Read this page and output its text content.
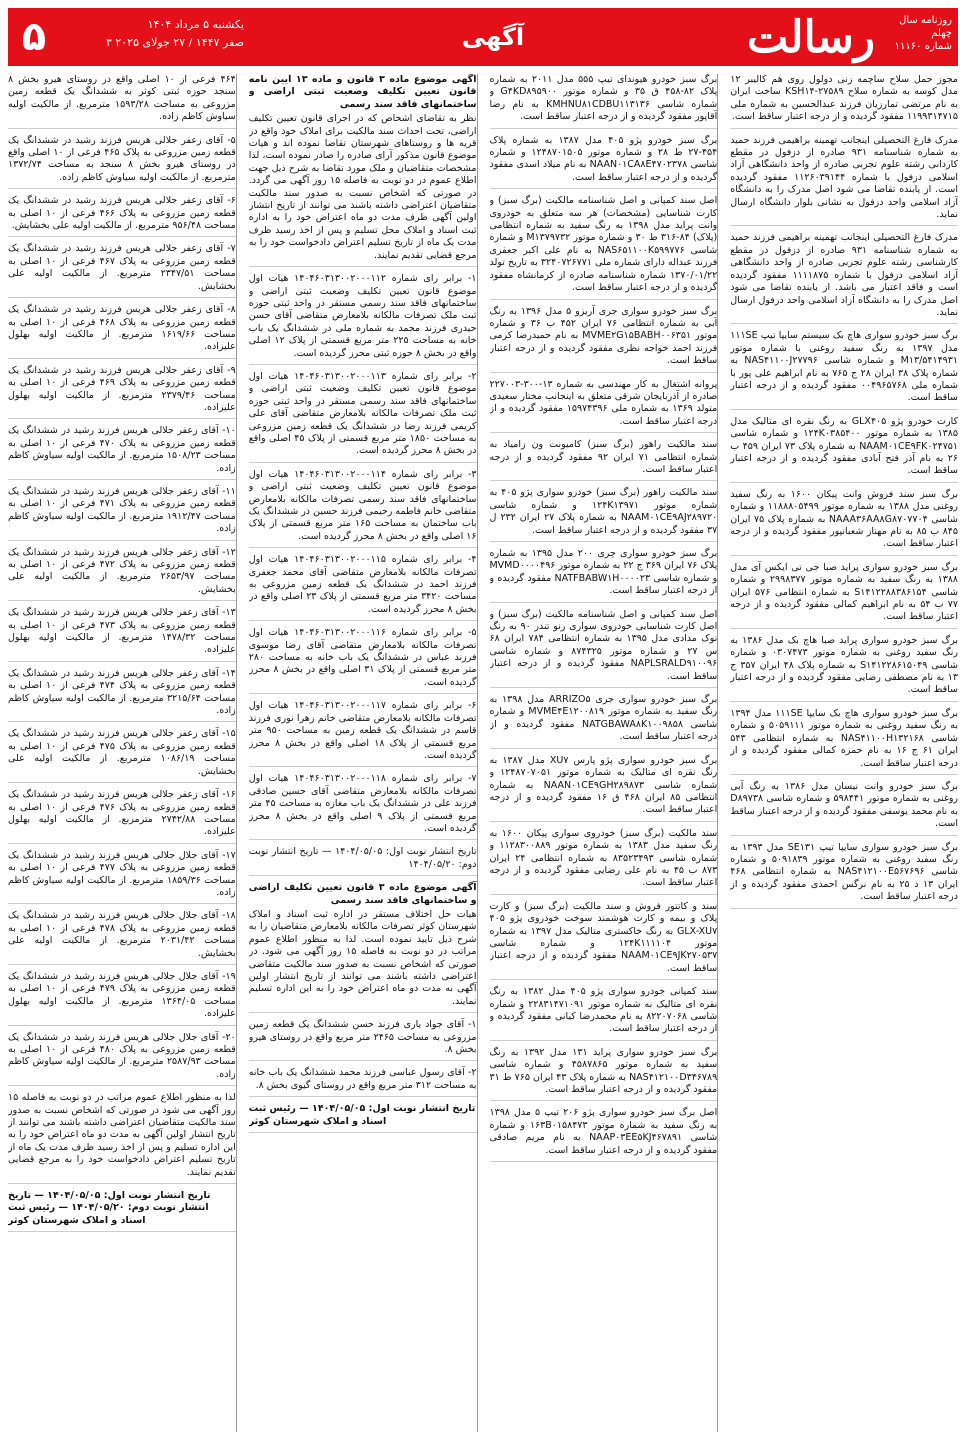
روزنامه سال چهلم
شماره ۱۱۱۶۰
رسالت
آگهی
یکشنبه ۵ مرداد ۱۴۰۴
۳ صفر ۱۴۴۷ / ۲۷ جولای ۲۰۲۵
۵
مجوز حمل سلاح ساچمه زنی دولول روی هم کالیبر ۱۲ مدل کوسه به شماره سلاح ۲۷۵۸۹-KSH۱۴ ساخت ایران به نام مرتضی تمارزیان فرزند عبدالحسین به شماره ملی ۱۱۹۹۳۱۴۷۱۵ مفقود گردیده و از درجه اعتبار ساقط است.
مدرک فارغ التحصیلی اینجانب تهمینه براهیمی فرزند حمید به شماره شناسنامه ۹۳۱ صادره از دزفول در مقطع کاردانی رشته علوم تجربی صادره از واحد دانشگاهی آزاد اسلامی دزفول با شماره ۱۱۲۶۰۳۹۱۴۴ مفقود گردیده است. از یابنده تقاضا می شود اصل مدرک را به دانشگاه آزاد اسلامی واحد دزفول به نشانی بلوار دانشگاه ارسال نماید.
مدرک فارغ التحصیلی اینجانب تهمینه براهیمی فرزند حمید به شماره شناسنامه ۹۳۱ صادره از دزفول در مقطع کارشناسی رشته علوم تجربی صادره از واحد دانشگاهی آزاد اسلامی دزفول با شماره ۱۱۱۱۸۷۵ مفقود گردیده است و فاقد اعتبار می باشد. از یابنده تقاضا می شود اصل مدرک را به دانشگاه آزاد اسلامی واحد دزفول ارسال نماید.
برگ سبز خودرو سواری هاچ بک سیستم سایپا تیپ ۱۱۱SE مدل ۱۳۹۷ به رنگ سفید روغنی با شماره موتور M۱۳/۵۴۱۴۹۳۱ و شماره شاسی NAS۴۱۱۰۰J۲۷۷۹۶ به شماره پلاک ۳۸ ایران ۲۸ ج ۷۶۵ به نام ابراهیم علی پور با شماره ملی ۰۰۴۹۶۵۷۶۸ مفقود گردیده و از درجه اعتبار ساقط است.
کارت خودرو پژو GLX۴۰۵ به رنگ نقره ای متالیک مدل ۱۳۸۵ به شماره موتور ۱۲۴K۰۳۸۵۴۰۰ و شماره شاسی NAAM۰۱CE۹FK۰۲۴۷۵۱ به شماره پلاک ۷۳ ایران ۴۵۹ ب ۲۶ به نام آذر فتح آبادی مفقود گردیده و از درجه اعتبار ساقط است.
برگ سبز سند فروش وانت پیکان ۱۶۰۰ به رنگ سفید روغنی مدل ۱۳۸۸ به شماره موتور ۱۱۸۸۸۰۵۴۹۹ و شماره شاسی NAAA۳۶AA۸G۸۷۰۷۷۰۴ به شماره پلاک ۷۵ ایران ۸۴۵ ب ۸۵ به نام مهناز شعبانپور مفقود گردیده و از درجه اعتبار ساقط است.
برگ سبز خودرو سواری پراید صبا جی تی ایکس آی مدل ۱۳۸۸ به رنگ سفید به شماره موتور ۲۹۹۸۳۷۷ و شماره شاسی S۱۴۱۲۲۸۸۳۸۶۱۵۴ به شماره انتظامی ۵۷۶ ایران ۷۷ ب ۵۴ به نام ابراهیم کمالی مفقود گردیده و از درجه اعتبار ساقط است.
برگ سبز خودرو سواری پراید صبا هاچ بک مدل ۱۳۸۶ به رنگ سفید روغنی به شماره موتور ۰۳۰۷۴۷۳ و شماره شاسی S۱۴۱۲۲۸۶۱۵۰۴۹ به شماره پلاک ۴۸ ایران ۳۵۷ ج ۱۳ به نام مصطفی رضایی مفقود گردیده و از درجه اعتبار ساقط است.
برگ سبز خودرو سواری هاچ بک سایپا ۱۱۱SE مدل ۱۳۹۴ به رنگ سفید روغنی به شماره موتور ۵۰۵۹۱۱۱ و شماره شاسی NAS۴۱۱۰۰H۱۳۲۱۶۸ به شماره انتظامی ۵۴۳ ایران ۶۱ ج ۱۶ به نام حمزه کمالی مفقود گردیده و از درجه اعتبار ساقط است.
برگ سبز خودرو وانت نیسان مدل ۱۳۸۶ به رنگ آبی روغنی به شماره موتور ۵۹۸۴۴۱ و شماره شاسی D۸۹۷۳۸ به نام محمد یوسفی مفقود گردیده و از درجه اعتبار ساقط است.
برگ سبز خودرو سواری سایپا تیپ SE۱۳۱ مدل ۱۳۹۳ به رنگ سفید روغنی به شماره موتور ۵۰۹۱۸۳۹ و شماره شاسی NAS۴۱۲۱۰۰E۵۶۷۶۹۶ به شماره انتظامی ۴۶۸ ایران ۱۳ د ۲۵ به نام نرگس احمدی مفقود گردیده و از درجه اعتبار ساقط است.
برگ سبز خودرو هیوندای تیپ ۵۵۵ مدل ۲۰۱۱ به شماره پلاک ۸۲-۴۵۸ ق ۳۵ و شماره موتور G۴KD۸۹۵۹۰۰ و شماره شاسی KMHNU۸۱CDBU۱۱۳۱۳۶ به نام رضا آقاپور مفقود گردیده و از درجه اعتبار ساقط است.
برگ سبز خودرو پژو ۴۰۵ مدل ۱۳۸۷ به شماره پلاک ۴۵۴-۲۷ ط ۲۸ و شماره موتور ۱۲۴۸۷۰۱۵۰۵ و شماره شاسی NAAN۰۱CA۸E۴۷۰۲۳۷۸ به نام میلاد اسدی مفقود گردیده و از درجه اعتبار ساقط است.
اصل سند کمپانی و اصل شناسنامه مالکیت (برگ سبز) و کارت شناسایی (مشخصات) هر سه متعلق به خودروی وانت پراید مدل ۱۳۹۸ به رنگ سفید به شماره انتظامی (پلاک) ۸۴-۳۱۶ ط ۳۰ و شماره موتور M۱۳۷۹۷۳۲ و شماره شاسی NAS۶۵۱۱۰۰K۵۹۹۷۷۶ به نام علی اکبر جعفری فرزند عبداله دارای شماره ملی ۳۲۴۰۷۲۶۷۷۱ به تاریخ تولد ۱۳۷۰/۰۱/۲۲ شماره شناسنامه صادره از کرمانشاه مفقود گردیده و از درجه اعتبار ساقط است.
برگ سبز خودرو سواری جری آریزو ۵ مدل ۱۳۹۶ به رنگ آبی به شماره انتظامی ۷۶ ایران ۴۵۲ ب ۳۶ و شماره موتور MVME۲G۱۵BABH۰۰۶۳۵۱ به نام حمیدرضا کرمی فرزند احمد خواجه نظری مفقود گردیده و از درجه اعتبار ساقط است.
پروانه اشتغال به کار مهندسی به شماره ۱۳-۳۰۰-۲۲۷۰۰۳ صادره از آذربایجان شرقی متعلق به اینجانب مختار سعیدی متولد ۱۳۶۹ به شماره ملی ۱۵۹۷۴۳۹۶ مفقود گردیده و از درجه اعتبار ساقط است.
سند مالکیت راهور (برگ سبز) کامیونت ون زامیاد به شماره انتظامی ۷۱ ایران ۹۲ مفقود گردیده و از درجه اعتبار ساقط است.
سند مالکیت راهور (برگ سبز) خودرو سواری پژو ۴۰۵ به شماره موتور ۱۲۴K۱۳۹۷۱ و شماره شاسی NAAM۰۱CE۹AJ۲۸۹۷۲۰ به شماره پلاک ۲۷ ایران ۲۳۲ ل ۳۷ مفقود گردیده و از درجه اعتبار ساقط است.
برگ سبز خودرو سواری چری ۲۰۰ مدل ۱۳۹۵ به شماره پلاک ۷۶ ایران ۳۶۹ ج ۲۲ به شماره موتور MVMD۰۰۰۰۴۹۶ و شماره شاسی NATFBABW۱H۰۰۰۰۲۳ مفقود گردیده و از درجه اعتبار ساقط است.
اصل سند کمپانی و اصل شناسنامه مالکیت (برگ سبز) و اصل کارت شناسایی خودروی سواری رنو تندر ۹۰ به رنگ نوک مدادی مدل ۱۳۹۵ به شماره انتظامی ۷۸۴ ایران ۶۸ س ۲۷ و شماره موتور ۸۷۴۳۲۵ و شماره شاسی NAPLSRALD۹۱۰۰۹۶ مفقود گردیده و از درجه اعتبار ساقط است.
برگ سبز خودرو سواری جری ARRIZO۵ مدل ۱۳۹۸ به رنگ سفید به شماره موتور MVME۴E۱۲۰۰۸۱۹ و شماره شاسی NATGBAWA۸K۱۰۰۹۸۵۸ مفقود گردیده و از درجه اعتبار ساقط است.
برگ سبز خودرو سواری پژو پارس XU۷ مدل ۱۳۸۷ به رنگ نقره ای متالیک به شماره موتور ۱۲۴۸۷۰۷۰۵۱ و شماره شاسی NAAN۰۱CE۹GH۲۸۹۸۷۳ به شماره انتظامی ۸۵ ایران ۴۶۸ ق ۱۶ مفقود گردیده و از درجه اعتبار ساقط است.
سند مالکیت (برگ سبز) خودروی سواری پیکان ۱۶۰۰ به رنگ سفید مدل ۱۳۸۳ به شماره موتور ۱۱۲۸۳۰۰۸۸۹ و شماره شاسی ۸۳۵۲۳۴۹۳ به شماره انتظامی ۲۴ ایران ۸۷۳ ب ۴۵ به نام علی رضایی مفقود گردیده و از درجه اعتبار ساقط است.
سند و کاتتور فروش و سند مالکیت (برگ سبز) و کارت پلاک و بیمه و کارت هوشمند سوخت خودروی پژو ۴۰۵ GLX-XU۷ به رنگ خاکستری متالیک مدل ۱۳۹۷ به شماره موتور ۱۲۴K۱۱۱۱۰۴ و شماره شاسی NAAM۰۱CE۹JK۲۷۰۵۳۷ مفقود گردیده و از درجه اعتبار ساقط است.
سند کمپانی خودرو سواری پژو ۴۰۵ مدل ۱۳۸۲ به رنگ نقره ای متالیک به شماره موتور ۲۲۸۳۱۴۷۱۰۹۱ و شماره شاسی ۸۲۲۰۷۰۶۸ به نام محمدرضا کیانی مفقود گردیده و از درجه اعتبار ساقط است.
برگ سبز خودرو سواری پراید ۱۳۱ مدل ۱۳۹۲ به رنگ سفید به شماره موتور ۴۵۸۷۸۶۵ و شماره شاسی NAS۴۱۲۱۰۰D۳۴۶۷۸۹ به شماره پلاک ۴۳ ایران ۷۶۵ ط ۳۱ مفقود گردیده و از درجه اعتبار ساقط است.
اصل برگ سبز خودرو سواری پژو ۲۰۶ تیپ ۵ مدل ۱۳۹۸ به رنگ سفید به شماره موتور ۱۶۳B۰۱۵۸۴۷۳ و شماره شاسی NAAP۰۳EE۵KJ۴۶۷۸۹۱ به نام مریم صادقی مفقود گردیده و از درجه اعتبار ساقط است.
آگهی موضوع ماده ۳ قانون و ماده ۱۳ آیین نامه قانون تعیین تکلیف وضعیت ثبتی اراضی و ساختمانهای فاقد سند رسمی
نظر به تقاضای اشخاص که در اجرای قانون تعیین تکلیف اراضی، تحت احداث سند مالکیت برای املاک خود واقع در قریه ها و روستاهای شهرستان تقاضا نموده اند و هیات موضوع قانون مذکور آرای صادره را صادر نموده است، لذا مشخصات متقاضیان و ملک مورد تقاضا به شرح ذیل جهت اطلاع عموم در دو نوبت به فاصله ۱۵ روز آگهی می گردد. در صورتی که اشخاص نسبت به صدور سند مالکیت متقاضیان اعتراضی داشته باشند می توانند از تاریخ انتشار اولین آگهی ظرف مدت دو ماه اعتراض خود را به اداره ثبت اسناد و املاک محل تسلیم و پس از اخذ رسید ظرف مدت یک ماه از تاریخ تسلیم اعتراض دادخواست خود را به مرجع قضایی تقدیم نمایند.
۱- برابر رای شماره ۱۴۰۴۶۰۳۱۳۰۰۲۰۰۰۱۱۲ هیات اول موضوع قانون تعیین تکلیف وضعیت ثبتی اراضی و ساختمانهای فاقد سند رسمی مستقر در واحد ثبتی حوزه ثبت ملک تصرفات مالکانه بلامعارض متقاضی آقای حسن حیدری فرزند محمد به شماره ملی در ششدانگ یک باب خانه به مساحت ۲۲۵ متر مربع قسمتی از پلاک ۱۲ اصلی واقع در بخش ۸ حوزه ثبتی محرز گردیده است.
۲- برابر رای شماره ۱۴۰۴۶۰۳۱۳۰۰۲۰۰۰۱۱۳ هیات اول موضوع قانون تعیین تکلیف وضعیت ثبتی اراضی و ساختمانهای فاقد سند رسمی مستقر در واحد ثبتی حوزه ثبت ملک تصرفات مالکانه بلامعارض متقاضی آقای علی کریمی فرزند رضا در ششدانگ یک قطعه زمین مزروعی به مساحت ۱۸۵۰ متر مربع قسمتی از پلاک ۴۵ اصلی واقع در بخش ۸ محرز گردیده است.
۳- برابر رای شماره ۱۴۰۴۶۰۳۱۳۰۰۲۰۰۰۱۱۴ هیات اول موضوع قانون تعیین تکلیف وضعیت ثبتی اراضی و ساختمانهای فاقد سند رسمی تصرفات مالکانه بلامعارض متقاضی خانم فاطمه رحیمی فرزند حسین در ششدانگ یک باب ساختمان به مساحت ۱۶۵ متر مربع قسمتی از پلاک ۱۶ اصلی واقع در بخش ۸ محرز گردیده است.
۴- برابر رای شماره ۱۴۰۴۶۰۳۱۳۰۰۲۰۰۰۱۱۵ هیات اول تصرفات مالکانه بلامعارض متقاضی آقای محمد جعفری فرزند احمد در ششدانگ یک قطعه زمین مزروعی به مساحت ۳۴۲۰ متر مربع قسمتی از پلاک ۲۳ اصلی واقع در بخش ۸ محرز گردیده است.
۵- برابر رای شماره ۱۴۰۴۶۰۳۱۳۰۰۲۰۰۰۱۱۶ هیات اول تصرفات مالکانه بلامعارض متقاضی آقای رضا موسوی فرزند عباس در ششدانگ یک باب خانه به مساحت ۲۸۰ متر مربع قسمتی از پلاک ۳۱ اصلی واقع در بخش ۸ محرز گردیده است.
۶- برابر رای شماره ۱۴۰۴۶۰۳۱۳۰۰۲۰۰۰۱۱۷ هیات اول تصرفات مالکانه بلامعارض متقاضی خانم زهرا نوری فرزند قاسم در ششدانگ یک قطعه زمین به مساحت ۹۵۰ متر مربع قسمتی از پلاک ۱۸ اصلی واقع در بخش ۸ محرز گردیده است.
۷- برابر رای شماره ۱۴۰۴۶۰۳۱۳۰۰۲۰۰۰۱۱۸ هیات اول تصرفات مالکانه بلامعارض متقاضی آقای حسین صادقی فرزند علی در ششدانگ یک باب مغازه به مساحت ۴۵ متر مربع قسمتی از پلاک ۹ اصلی واقع در بخش ۸ محرز گردیده است.
تاریخ انتشار نوبت اول: ۱۴۰۴/۰۵/۰۵ — تاریخ انتشار نوبت دوم: ۱۴۰۴/۰۵/۲۰
آگهی موضوع ماده ۳ قانون تعیین تکلیف اراضی و ساختمانهای فاقد سند رسمی
هیات حل اختلاف مستقر در اداره ثبت اسناد و املاک شهرستان کوثر تصرفات مالکانه بلامعارض متقاضیان را به شرح ذیل تایید نموده است. لذا به منظور اطلاع عموم مراتب در دو نوبت به فاصله ۱۵ روز آگهی می شود. در صورتی که اشخاص نسبت به صدور سند مالکیت متقاضی اعتراضی داشته باشند می توانند از تاریخ انتشار اولین آگهی به مدت دو ماه اعتراض خود را به این اداره تسلیم نمایند.
۱- آقای جواد یاری فرزند حسن ششدانگ یک قطعه زمین مزروعی به مساحت ۲۴۶۵ متر مربع واقع در روستای هیرو بخش ۸.
۲- آقای رسول عباسی فرزند محمد ششدانگ یک باب خانه به مساحت ۳۱۲ متر مربع واقع در روستای گیوی بخش ۸.
تاریخ انتشار نوبت اول: ۱۴۰۴/۰۵/۰۵ — رئیس ثبت اسناد و املاک شهرستان کوثر
۴۶۴ فرعی از ۱۰ اصلی واقع در روستای هیرو بخش ۸ سنجد حوزه ثبتی کوثر به ششدانگ یک قطعه زمین مزروعی به مساحت ۱۵۹۳/۲۸ مترمربع. از مالکیت اولیه سیاوش کاظم زاده.
۵- آقای زعفر جلالی هریس فرزند رشید در ششدانگ یک قطعه زمین مزروعی به پلاک ۴۶۵ فرعی از ۱۰ اصلی واقع در روستای هیرو بخش ۸ سنجد به مساحت ۱۳۷۲/۷۴ مترمربع. از مالکیت اولیه سیاوش کاظم زاده.
۶- آقای زعفر جلالی هریس فرزند رشید در ششدانگ یک قطعه زمین مزروعی به پلاک ۴۶۶ فرعی از ۱۰ اصلی به مساحت ۹۵۶/۴۸ مترمربع. از مالکیت اولیه علی بخشایش.
۷- آقای زعفر جلالی هریس فرزند رشید در ششدانگ یک قطعه زمین مزروعی به پلاک ۴۶۷ فرعی از ۱۰ اصلی به مساحت ۲۳۴۷/۵۱ مترمربع. از مالکیت اولیه علی بخشایش.
۸- آقای زعفر جلالی هریس فرزند رشید در ششدانگ یک قطعه زمین مزروعی به پلاک ۴۶۸ فرعی از ۱۰ اصلی به مساحت ۱۶۱۹/۶۶ مترمربع. از مالکیت اولیه بهلول علیزاده.
۹- آقای زعفر جلالی هریس فرزند رشید در ششدانگ یک قطعه زمین مزروعی به پلاک ۴۶۹ فرعی از ۱۰ اصلی به مساحت ۲۳۷۹/۴۶ مترمربع. از مالکیت اولیه بهلول علیزاده.
۱۰- آقای زعفر جلالی هریس فرزند رشید در ششدانگ یک قطعه زمین مزروعی به پلاک ۴۷۰ فرعی از ۱۰ اصلی به مساحت ۱۵۰۸/۲۳ مترمربع. از مالکیت اولیه سیاوش کاظم زاده.
۱۱- آقای زعفر جلالی هریس فرزند رشید در ششدانگ یک قطعه زمین مزروعی به پلاک ۴۷۱ فرعی از ۱۰ اصلی به مساحت ۱۹۱۲/۴۷ مترمربع. از مالکیت اولیه سیاوش کاظم زاده.
۱۲- آقای زعفر جلالی هریس فرزند رشید در ششدانگ یک قطعه زمین مزروعی به پلاک ۴۷۲ فرعی از ۱۰ اصلی به مساحت ۲۶۵۳/۹۷ مترمربع. از مالکیت اولیه علی بخشایش.
۱۳- آقای زعفر جلالی هریس فرزند رشید در ششدانگ یک قطعه زمین مزروعی به پلاک ۴۷۳ فرعی از ۱۰ اصلی به مساحت ۱۴۷۸/۳۲ مترمربع. از مالکیت اولیه بهلول علیزاده.
۱۴- آقای زعفر جلالی هریس فرزند رشید در ششدانگ یک قطعه زمین مزروعی به پلاک ۴۷۴ فرعی از ۱۰ اصلی به مساحت ۳۲۱۵/۶۴ مترمربع. از مالکیت اولیه سیاوش کاظم زاده.
۱۵- آقای زعفر جلالی هریس فرزند رشید در ششدانگ یک قطعه زمین مزروعی به پلاک ۴۷۵ فرعی از ۱۰ اصلی به مساحت ۱۰۸۶/۱۹ مترمربع. از مالکیت اولیه علی بخشایش.
۱۶- آقای زعفر جلالی هریس فرزند رشید در ششدانگ یک قطعه زمین مزروعی به پلاک ۴۷۶ فرعی از ۱۰ اصلی به مساحت ۲۷۴۲/۸۸ مترمربع. از مالکیت اولیه بهلول علیزاده.
۱۷- آقای جلال جلالی هریس فرزند رشید در ششدانگ یک قطعه زمین مزروعی به پلاک ۴۷۷ فرعی از ۱۰ اصلی به مساحت ۱۸۵۹/۳۶ مترمربع. از مالکیت اولیه سیاوش کاظم زاده.
۱۸- آقای جلال جلالی هریس فرزند رشید در ششدانگ یک قطعه زمین مزروعی به پلاک ۴۷۸ فرعی از ۱۰ اصلی به مساحت ۲۰۳۱/۴۲ مترمربع. از مالکیت اولیه علی بخشایش.
۱۹- آقای جلال جلالی هریس فرزند رشید در ششدانگ یک قطعه زمین مزروعی به پلاک ۴۷۹ فرعی از ۱۰ اصلی به مساحت ۱۳۶۴/۰۵ مترمربع. از مالکیت اولیه بهلول علیزاده.
۲۰- آقای جلال جلالی هریس فرزند رشید در ششدانگ یک قطعه زمین مزروعی به پلاک ۴۸۰ فرعی از ۱۰ اصلی به مساحت ۲۵۸۷/۹۳ مترمربع. از مالکیت اولیه سیاوش کاظم زاده.
لذا به منظور اطلاع عموم مراتب در دو نوبت به فاصله ۱۵ روز آگهی می شود در صورتی که اشخاص نسبت به صدور سند مالکیت متقاضیان اعتراضی داشته باشند می توانند از تاریخ انتشار اولین آگهی به مدت دو ماه اعتراض خود را به این اداره تسلیم و پس از اخذ رسید ظرف مدت یک ماه از تاریخ تسلیم اعتراض دادخواست خود را به مرجع قضایی تقدیم نمایند.
تاریخ انتشار نوبت اول: ۱۴۰۴/۰۵/۰۵ — تاریخ انتشار نوبت دوم: ۱۴۰۴/۰۵/۲۰ — رئیس ثبت اسناد و املاک شهرستان کوثر
